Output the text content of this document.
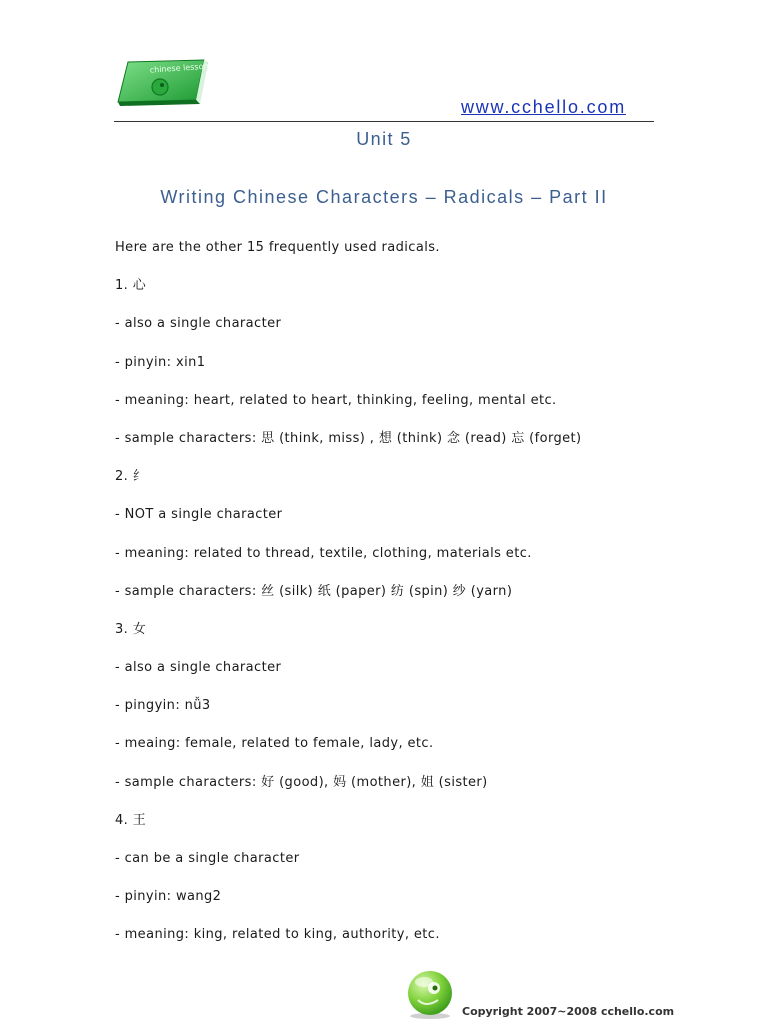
chinese lesson
www.cchello.com
Unit 5
Writing Chinese Characters – Radicals – Part II
Here are the other 15 frequently used radicals.
1. 心
- also a single character
- pinyin: xin1
- meaning: heart, related to heart, thinking, feeling, mental etc.
- sample characters: 思 (think, miss) , 想 (think) 念 (read) 忘 (forget)
2. 纟
- NOT a single character
- meaning: related to thread, textile, clothing, materials etc.
- sample characters: 丝 (silk) 纸 (paper) 纺 (spin) 纱 (yarn)
3. 女
- also a single character
- pingyin: nǚ3
- meaing: female, related to female, lady, etc.
- sample characters: 好 (good), 妈 (mother), 姐 (sister)
4. 王
- can be a single character
- pinyin: wang2
- meaning: king, related to king, authority, etc.
Copyright 2007~2008 cchello.com
